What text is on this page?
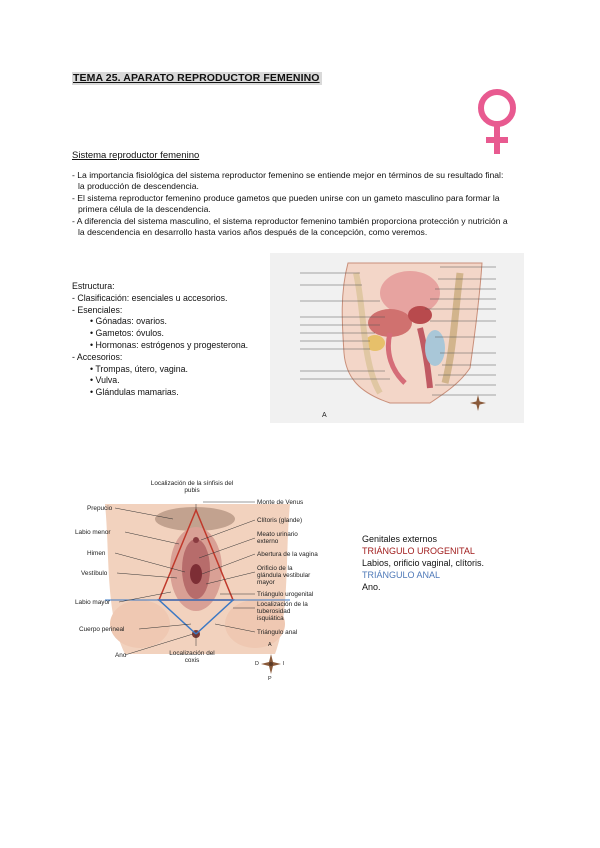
TEMA 25. APARATO REPRODUCTOR FEMENINO
Sistema reproductor femenino

- La importancia fisiológica del sistema reproductor femenino se entiende mejor en términos de su resultado final: la producción de descendencia.

- El sistema reproductor femenino produce gametos que pueden unirse con un gameto masculino para formar la primera célula de la descendencia.

- A diferencia del sistema masculino, el sistema reproductor femenino también proporciona protección y nutrición a la descendencia en desarrollo hasta varios años después de la concepción, como veremos.

Estructura:
- Clasificación: esenciales u accesorios.
- Esenciales:
• Gónadas: ovarios.
• Gametos: óvulos.
• Hormonas: estrógenos y progesterona.
- Accesorios:
• Trompas, útero, vagina.
• Vulva.
• Glándulas mamarias.
A
Localización de la sínfisis del pubis
Localización del coxis
Prepucio
Labio menor
Himen
Vestíbulo
Labio mayor
Cuerpo perineal
Ano
Monte de Venus
Clítoris (glande)
Meato urinario externo
Abertura de la vagina
Orificio de la glándula vestibular mayor
Triángulo urogenital
Localización de la tuberosidad isquiática
Triángulo anal
A
P
D	I
Genitales externos
TRIÁNGULO UROGENITAL
Labios, orificio vaginal, clítoris.
TRIÁNGULO ANAL
Ano.
